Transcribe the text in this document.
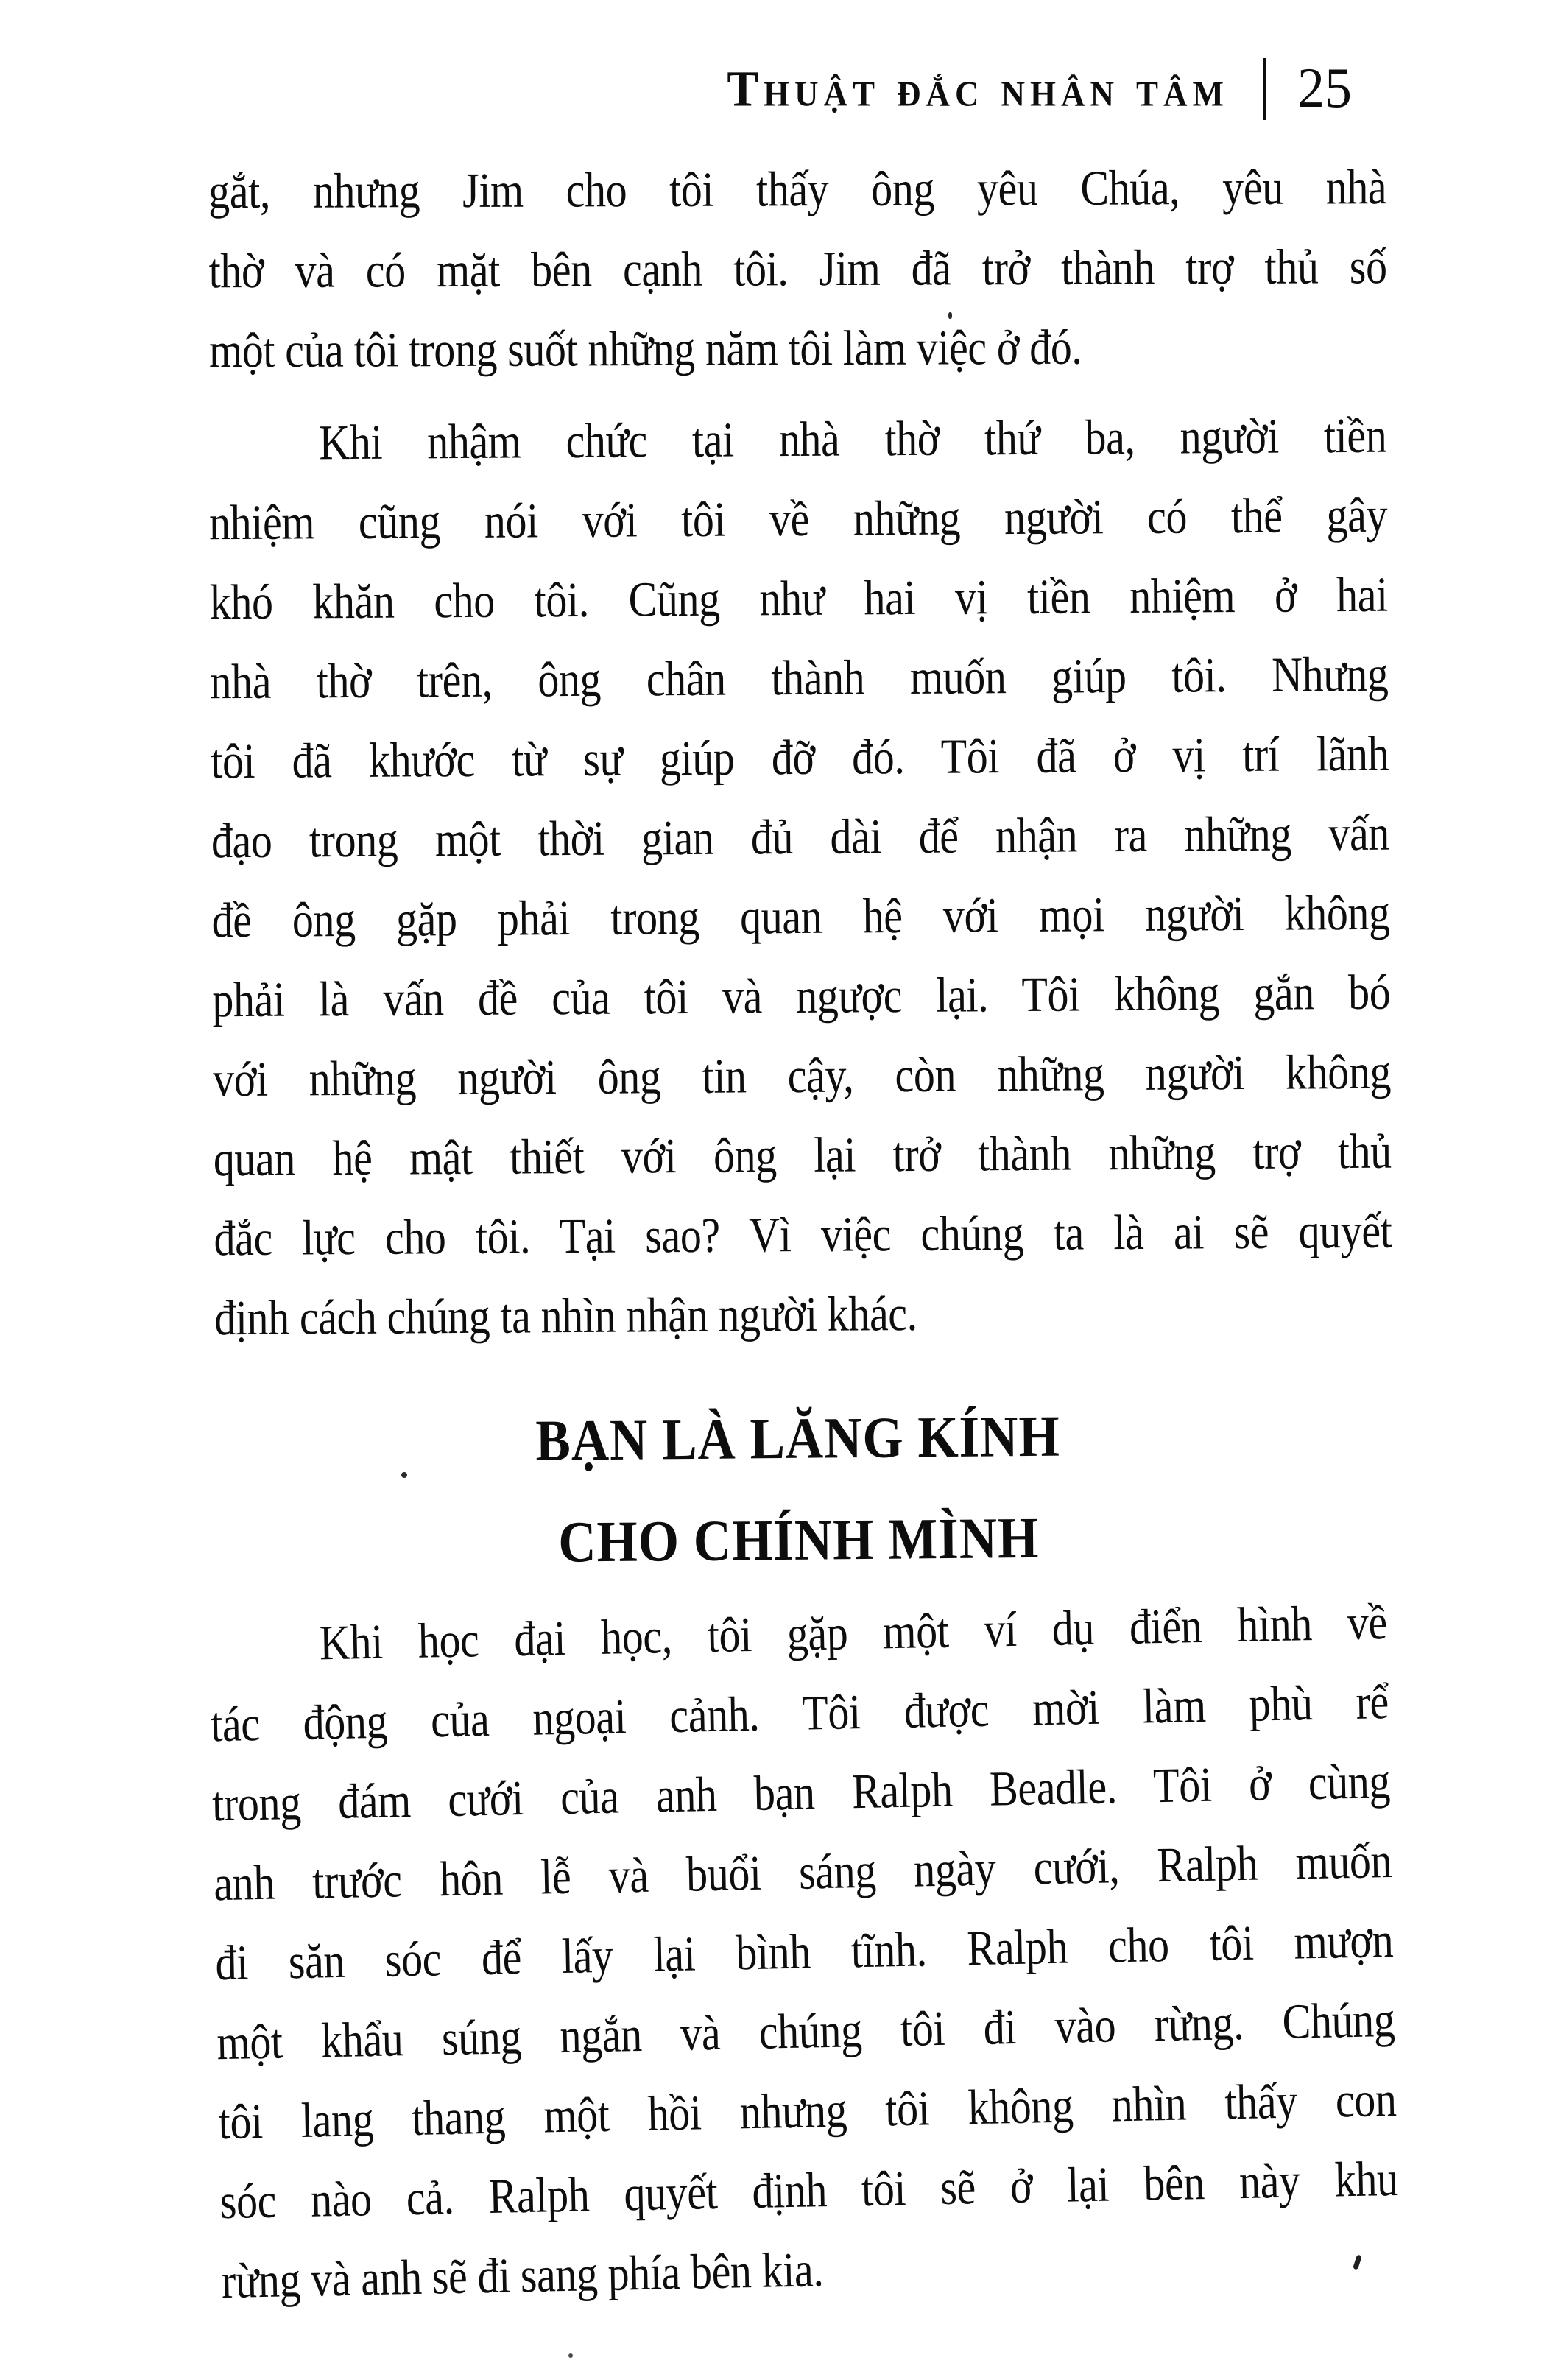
Thuật đắc nhân tâm 25
gắt, nhưng Jim cho tôi thấy ông yêu Chúa, yêu nhà
thờ và có mặt bên cạnh tôi. Jim đã trở thành trợ thủ số
một của tôi trong suốt những năm tôi làm việc ở đó.
Khi nhậm chức tại nhà thờ thứ ba, người tiền
nhiệm cũng nói với tôi về những người có thể gây
khó khăn cho tôi. Cũng như hai vị tiền nhiệm ở hai
nhà thờ trên, ông chân thành muốn giúp tôi. Nhưng
tôi đã khước từ sự giúp đỡ đó. Tôi đã ở vị trí lãnh
đạo trong một thời gian đủ dài để nhận ra những vấn
đề ông gặp phải trong quan hệ với mọi người không
phải là vấn đề của tôi và ngược lại. Tôi không gắn bó
với những người ông tin cậy, còn những người không
quan hệ mật thiết với ông lại trở thành những trợ thủ
đắc lực cho tôi. Tại sao? Vì việc chúng ta là ai sẽ quyết
định cách chúng ta nhìn nhận người khác.
BẠN LÀ LĂNG KÍNH
CHO CHÍNH MÌNH
Khi học đại học, tôi gặp một ví dụ điển hình về
tác động của ngoại cảnh. Tôi được mời làm phù rể
trong đám cưới của anh bạn Ralph Beadle. Tôi ở cùng
anh trước hôn lễ và buổi sáng ngày cưới, Ralph muốn
đi săn sóc để lấy lại bình tĩnh. Ralph cho tôi mượn
một khẩu súng ngắn và chúng tôi đi vào rừng. Chúng
tôi lang thang một hồi nhưng tôi không nhìn thấy con
sóc nào cả. Ralph quyết định tôi sẽ ở lại bên này khu
rừng và anh sẽ đi sang phía bên kia.
